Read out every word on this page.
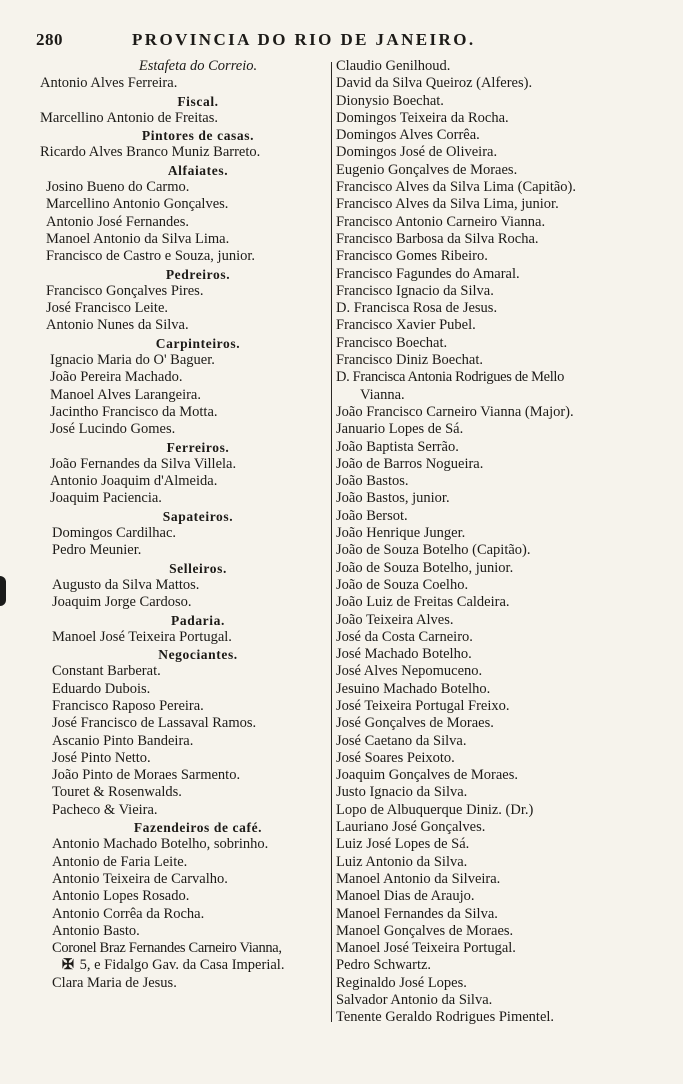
280	PROVINCIA DO RIO DE JANEIRO.
Estafeta do Correio.
Antonio Alves Ferreira.
Fiscal.
Marcellino Antonio de Freitas.
Pintores de casas.
Ricardo Alves Branco Muniz Barreto.
Alfaiates.
Josino Bueno do Carmo.
Marcellino Antonio Gonçalves.
Antonio José Fernandes.
Manoel Antonio da Silva Lima.
Francisco de Castro e Souza, junior.
Pedreiros.
Francisco Gonçalves Pires.
José Francisco Leite.
Antonio Nunes da Silva.
Carpinteiros.
Ignacio Maria do O' Baguer.
João Pereira Machado.
Manoel Alves Larangeira.
Jacintho Francisco da Motta.
José Lucindo Gomes.
Ferreiros.
João Fernandes da Silva Villela.
Antonio Joaquim d'Almeida.
Joaquim Paciencia.
Sapateiros.
Domingos Cardilhac.
Pedro Meunier.
Selleiros.
Augusto da Silva Mattos.
Joaquim Jorge Cardoso.
Padaria.
Manoel José Teixeira Portugal.
Negociantes.
Constant Barberat.
Eduardo Dubois.
Francisco Raposo Pereira.
José Francisco de Lassaval Ramos.
Ascanio Pinto Bandeira.
José Pinto Netto.
João Pinto de Moraes Sarmento.
Touret & Rosenwalds.
Pacheco & Vieira.
Fazendeiros de café.
Antonio Machado Botelho, sobrinho.
Antonio de Faria Leite.
Antonio Teixeira de Carvalho.
Antonio Lopes Rosado.
Antonio Corrêa da Rocha.
Antonio Basto.
Coronel Braz Fernandes Carneiro Vianna,
✠ 5, e Fidalgo Gav. da Casa Imperial.
Clara Maria de Jesus.
Claudio Genilhoud.
David da Silva Queiroz (Alferes).
Dionysio Boechat.
Domingos Teixeira da Rocha.
Domingos Alves Corrêa.
Domingos José de Oliveira.
Eugenio Gonçalves de Moraes.
Francisco Alves da Silva Lima (Capitão).
Francisco Alves da Silva Lima, junior.
Francisco Antonio Carneiro Vianna.
Francisco Barbosa da Silva Rocha.
Francisco Gomes Ribeiro.
Francisco Fagundes do Amaral.
Francisco Ignacio da Silva.
D. Francisca Rosa de Jesus.
Francisco Xavier Pubel.
Francisco Boechat.
Francisco Diniz Boechat.
D. Francisca Antonia Rodrigues de Mello
Vianna.
João Francisco Carneiro Vianna (Major).
Januario Lopes de Sá.
João Baptista Serrão.
João de Barros Nogueira.
João Bastos.
João Bastos, junior.
João Bersot.
João Henrique Junger.
João de Souza Botelho (Capitão).
João de Souza Botelho, junior.
João de Souza Coelho.
João Luiz de Freitas Caldeira.
João Teixeira Alves.
José da Costa Carneiro.
José Machado Botelho.
José Alves Nepomuceno.
Jesuino Machado Botelho.
José Teixeira Portugal Freixo.
José Gonçalves de Moraes.
José Caetano da Silva.
José Soares Peixoto.
Joaquim Gonçalves de Moraes.
Justo Ignacio da Silva.
Lopo de Albuquerque Diniz. (Dr.)
Lauriano José Gonçalves.
Luiz José Lopes de Sá.
Luiz Antonio da Silva.
Manoel Antonio da Silveira.
Manoel Dias de Araujo.
Manoel Fernandes da Silva.
Manoel Gonçalves de Moraes.
Manoel José Teixeira Portugal.
Pedro Schwartz.
Reginaldo José Lopes.
Salvador Antonio da Silva.
Tenente Geraldo Rodrigues Pimentel.
